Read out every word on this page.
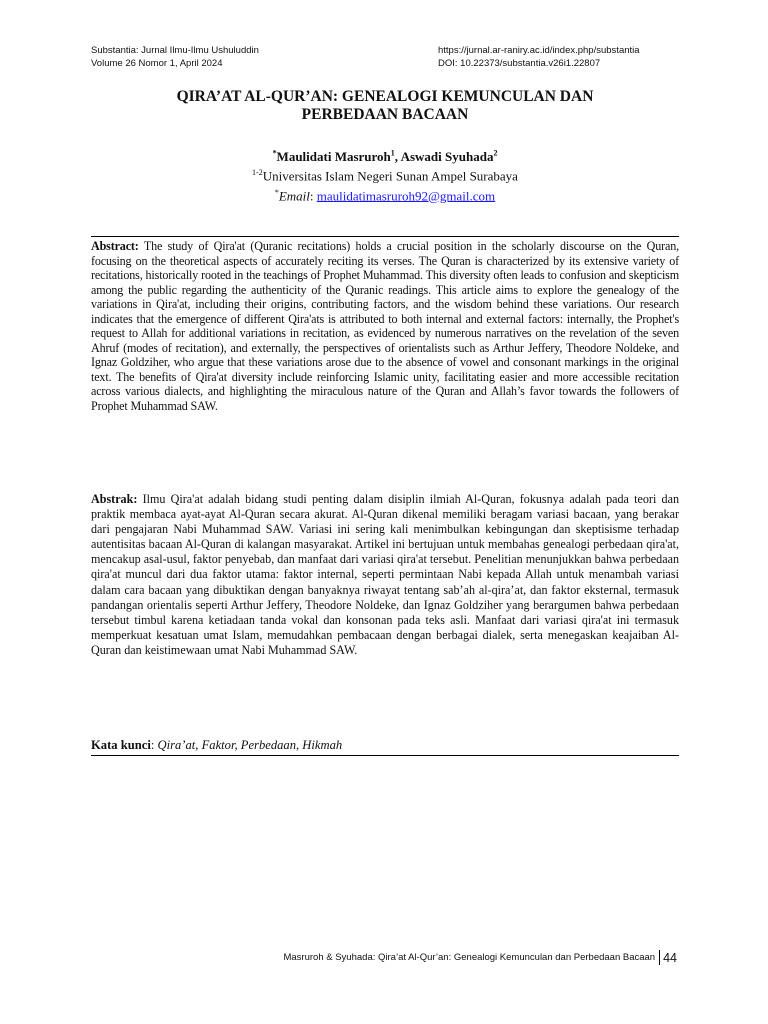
Substantia: Jurnal Ilmu-Ilmu Ushuluddin
Volume 26 Nomor 1, April 2024
https://jurnal.ar-raniry.ac.id/index.php/substantia
DOI: 10.22373/substantia.v26i1.22807
QIRA’AT AL-QUR’AN: GENEALOGI KEMUNCULAN DAN
PERBEDAAN BACAAN
*Maulidati Masruroh$^1$, Aswadi Syuhada$^2$
$^{1-2}$Universitas Islam Negeri Sunan Ampel Surabaya
*Email: maulidatimasruroh92@gmail.com
Abstract: The study of Qira'at (Quranic recitations) holds a crucial position in the scholarly discourse on the Quran, focusing on the theoretical aspects of accurately reciting its verses. The Quran is characterized by its extensive variety of recitations, historically rooted in the teachings of Prophet Muhammad. This diversity often leads to confusion and skepticism among the public regarding the authenticity of the Quranic readings. This article aims to explore the genealogy of the variations in Qira'at, including their origins, contributing factors, and the wisdom behind these variations. Our research indicates that the emergence of different Qira'ats is attributed to both internal and external factors: internally, the Prophet's request to Allah for additional variations in recitation, as evidenced by numerous narratives on the revelation of the seven Ahruf (modes of recitation), and externally, the perspectives of orientalists such as Arthur Jeffery, Theodore Noldeke, and Ignaz Goldziher, who argue that these variations arose due to the absence of vowel and consonant markings in the original text. The benefits of Qira'at diversity include reinforcing Islamic unity, facilitating easier and more accessible recitation across various dialects, and highlighting the miraculous nature of the Quran and Allah’s favor towards the followers of Prophet Muhammad SAW.
Abstrak: Ilmu Qira'at adalah bidang studi penting dalam disiplin ilmiah Al-Quran, fokusnya adalah pada teori dan praktik membaca ayat-ayat Al-Quran secara akurat. Al-Quran dikenal memiliki beragam variasi bacaan, yang berakar dari pengajaran Nabi Muhammad SAW. Variasi ini sering kali menimbulkan kebingungan dan skeptisisme terhadap autentisitas bacaan Al-Quran di kalangan masyarakat. Artikel ini bertujuan untuk membahas genealogi perbedaan qira'at, mencakup asal-usul, faktor penyebab, dan manfaat dari variasi qira'at tersebut. Penelitian menunjukkan bahwa perbedaan qira'at muncul dari dua faktor utama: faktor internal, seperti permintaan Nabi kepada Allah untuk menambah variasi dalam cara bacaan yang dibuktikan dengan banyaknya riwayat tentang sab’ah al-qira’at, dan faktor eksternal, termasuk pandangan orientalis seperti Arthur Jeffery, Theodore Noldeke, dan Ignaz Goldziher yang berargumen bahwa perbedaan tersebut timbul karena ketiadaan tanda vokal dan konsonan pada teks asli. Manfaat dari variasi qira'at ini termasuk memperkuat kesatuan umat Islam, memudahkan pembacaan dengan berbagai dialek, serta menegaskan keajaiban Al-Quran dan keistimewaan umat Nabi Muhammad SAW.
Kata kunci: Qira’at, Faktor, Perbedaan, Hikmah
Masruroh & Syuhada: Qira’at Al-Qur’an: Genealogi Kemunculan dan Perbedaan Bacaan 44
